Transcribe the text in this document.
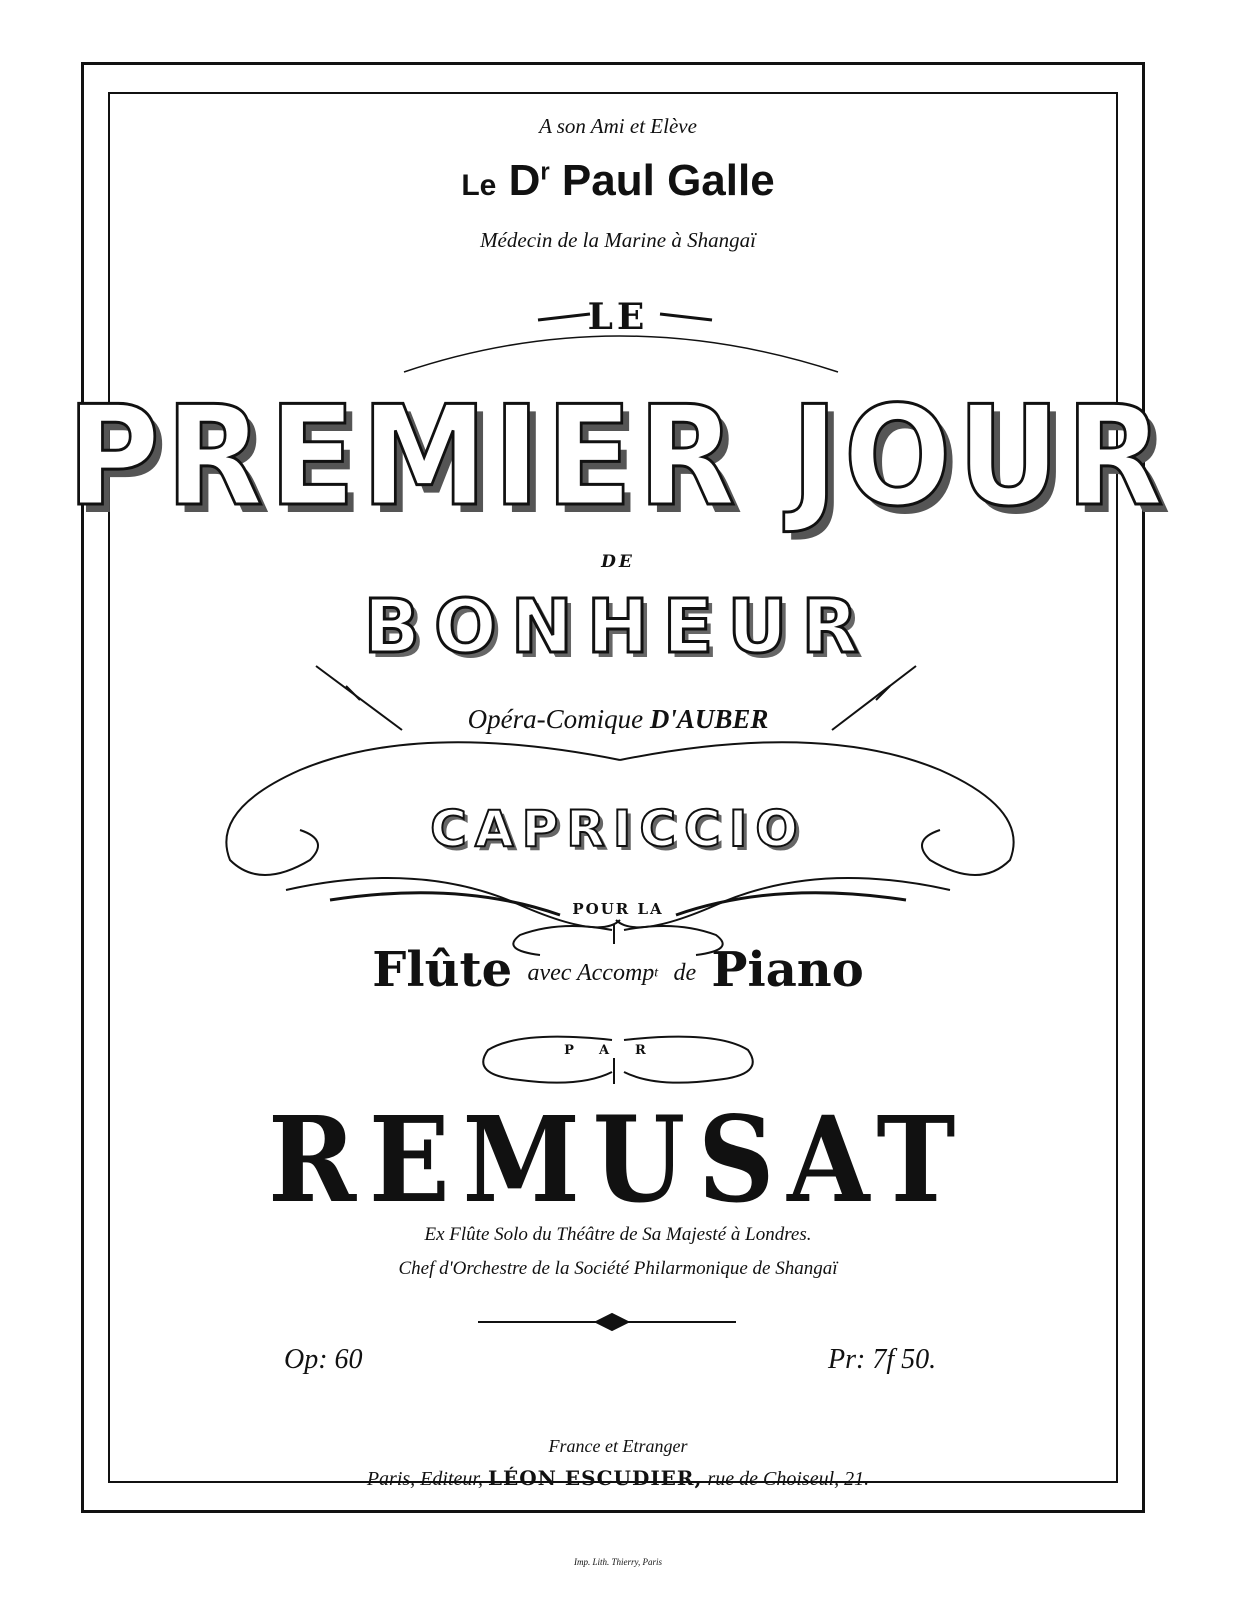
A son Ami et Elève
Le $D^r$ Paul Galle
Médecin de la Marine à Shangaï
LE
PREMIER JOUR
DE
BONHEUR
Opéra-Comique D'AUBER
CAPRICCIO
POUR LA
Flûte avec Accompt de Piano
PAR
REMUSAT
Ex Flûte Solo du Théâtre de Sa Majesté à Londres.
Chef d'Orchestre de la Société Philarmonique de Shangaï
Op: 60	Pr: 7f 50.
France et Etranger
Paris, Editeur, LÉON ESCUDIER, rue de Choiseul, 21.
Imp. Lith. Thierry, Paris
